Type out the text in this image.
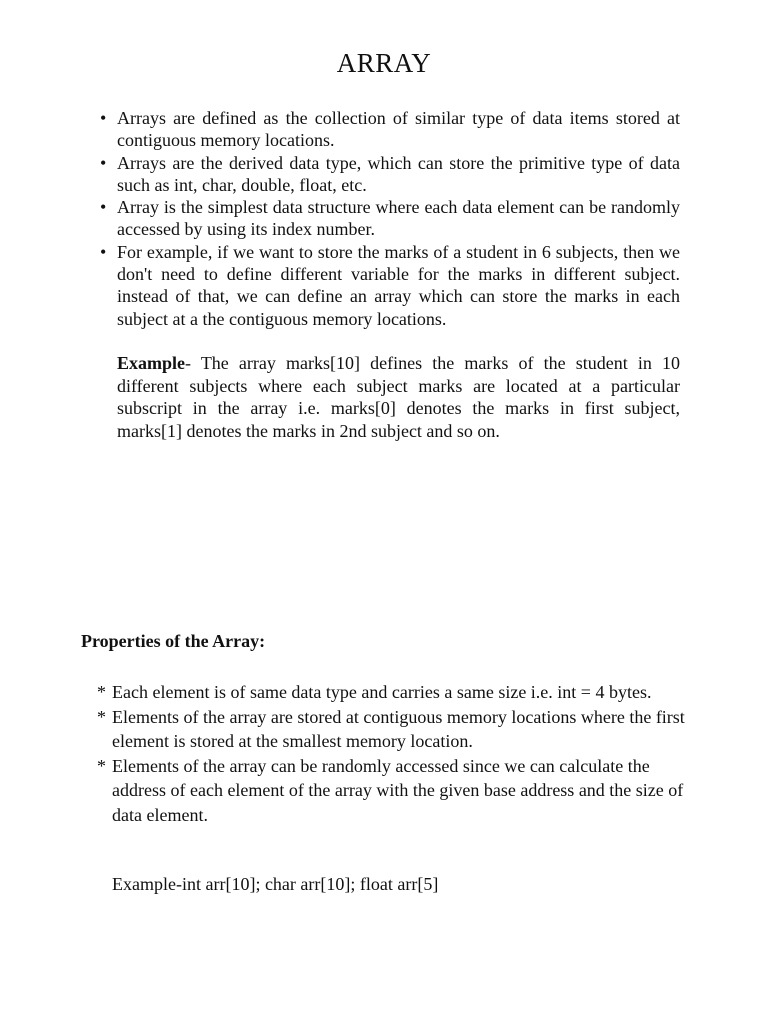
ARRAY
• Arrays are defined as the collection of similar type of data items stored at contiguous memory locations.
• Arrays are the derived data type, which can store the primitive type of data such as int, char, double, float, etc.
• Array is the simplest data structure where each data element can be randomly accessed by using its index number.
• For example, if we want to store the marks of a student in 6 subjects, then we don't need to define different variable for the marks in different subject. instead of that, we can define an array which can store the marks in each subject at a the contiguous memory locations.

Example- The array marks[10] defines the marks of the student in 10 different subjects where each subject marks are located at a particular subscript in the array i.e. marks[0] denotes the marks in first subject, marks[1] denotes the marks in 2nd subject and so on.

Properties of the Array:
* Each element is of same data type and carries a same size i.e. int = 4 bytes.
* Elements of the array are stored at contiguous memory locations where the first element is stored at the smallest memory location.
* Elements of the array can be randomly accessed since we can calculate the address of each element of the array with the given base address and the size of data element.

Example-int arr[10]; char arr[10]; float arr[5]
